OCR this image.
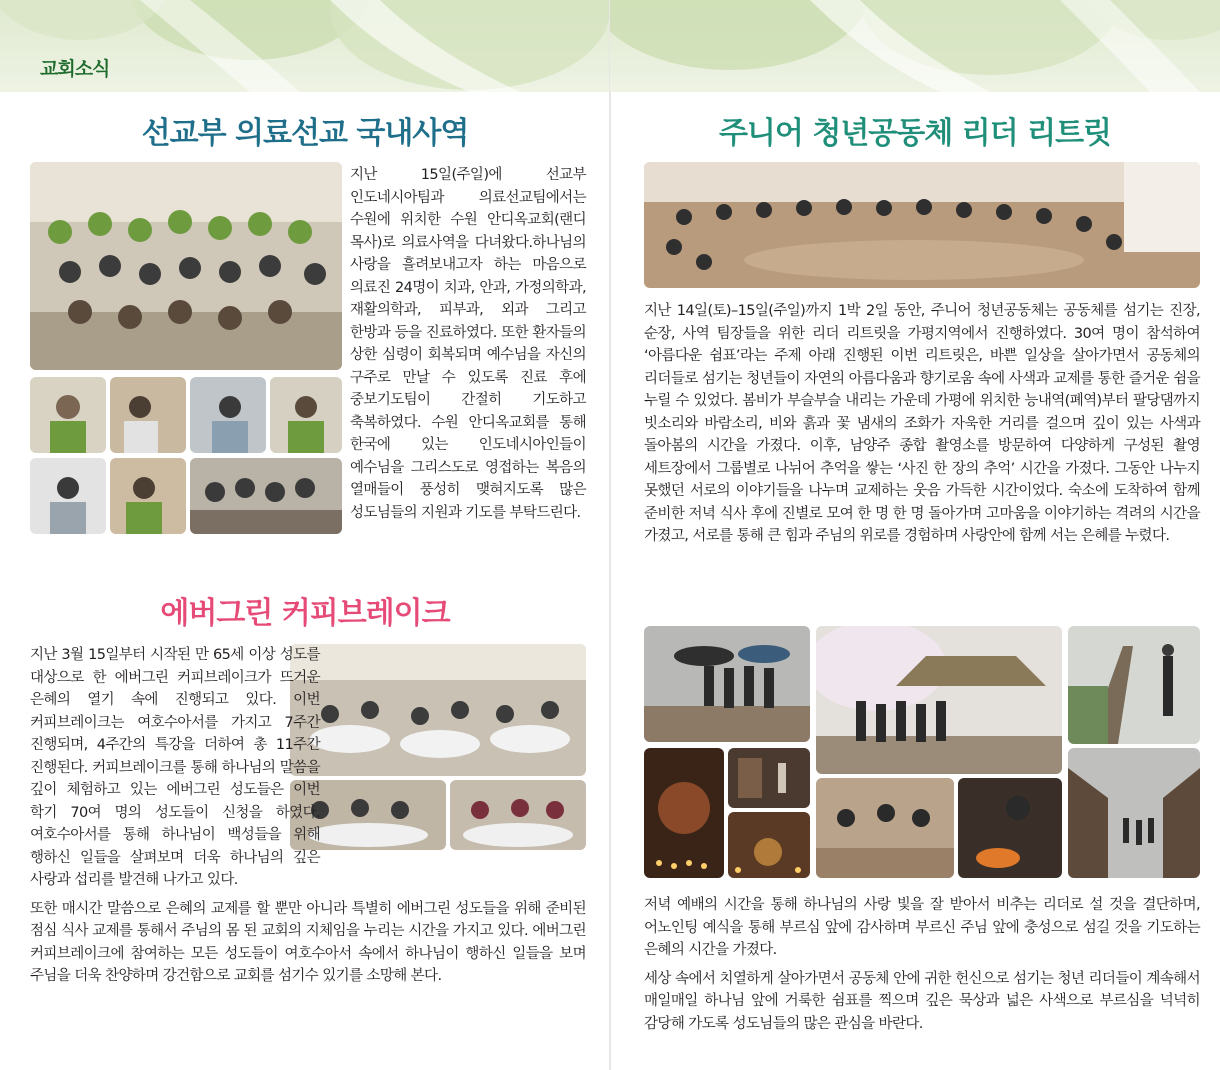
교회소식
선교부 의료선교 국내사역

지난 15일(주일)에 선교부 인도네시아팀과 의료선교팀에서는 수원에 위치한 수원 안디옥교회(랜디 목사)로 의료사역을 다녀왔다.하나님의 사랑을 흘려보내고자 하는 마음으로 의료진 24명이 치과, 안과, 가정의학과, 재활의학과, 피부과, 외과 그리고 한방과 등을 진료하였다. 또한 환자들의 상한 심령이 회복되며 예수님을 자신의 구주로 만날 수 있도록 진료 후에 중보기도팀이 간절히 기도하고 축복하였다. 수원 안디옥교회를 통해 한국에 있는 인도네시아인들이 예수님을 그리스도로 영접하는 복음의 열매들이 풍성히 맺혀지도록 많은 성도님들의 지원과 기도를 부탁드린다.

에버그린 커피브레이크

지난 3월 15일부터 시작된 만 65세 이상 성도를 대상으로 한 에버그린 커피브레이크가 뜨거운 은혜의 열기 속에 진행되고 있다. 이번 커피브레이크는 여호수아서를 가지고 7주간 진행되며, 4주간의 특강을 더하여 총 11주간 진행된다. 커피브레이크를 통해 하나님의 말씀을 깊이 체험하고 있는 에버그린 성도들은 이번 학기 70여 명의 성도들이 신청을 하였다. 여호수아서를 통해 하나님이 백성들을 위해 행하신 일들을 살펴보며 더욱 하나님의 깊은 사랑과 섭리를 발견해 나가고 있다.

또한 매시간 말씀으로 은혜의 교제를 할 뿐만 아니라 특별히 에버그린 성도들을 위해 준비된 점심 식사 교제를 통해서 주님의 몸 된 교회의 지체임을 누리는 시간을 가지고 있다. 에버그린 커피브레이크에 참여하는 모든 성도들이 여호수아서 속에서 하나님이 행하신 일들을 보며 주님을 더욱 찬양하며 강건함으로 교회를 섬기수 있기를 소망해 본다.

주니어 청년공동체 리더 리트릿

지난 14일(토)–15일(주일)까지 1박 2일 동안, 주니어 청년공동체는 공동체를 섬기는 진장, 순장, 사역 팀장들을 위한 리더 리트릿을 가평지역에서 진행하였다. 30여 명이 참석하여 ‘아름다운 쉼표’라는 주제 아래 진행된 이번 리트릿은, 바쁜 일상을 살아가면서 공동체의 리더들로 섬기는 청년들이 자연의 아름다움과 향기로움 속에 사색과 교제를 통한 즐거운 쉼을 누릴 수 있었다. 봄비가 부슬부슬 내리는 가운데 가평에 위치한 능내역(폐역)부터 팔당댐까지 빗소리와 바람소리, 비와 흙과 꽃 냄새의 조화가 자욱한 거리를 걸으며 깊이 있는 사색과 돌아봄의 시간을 가졌다. 이후, 남양주 종합 촬영소를 방문하여 다양하게 구성된 촬영 세트장에서 그룹별로 나뉘어 추억을 쌓는 ‘사진 한 장의 추억’ 시간을 가졌다. 그동안 나누지 못했던 서로의 이야기들을 나누며 교제하는 웃음 가득한 시간이었다. 숙소에 도착하여 함께 준비한 저녁 식사 후에 진별로 모여 한 명 한 명 돌아가며 고마움을 이야기하는 격려의 시간을 가졌고, 서로를 통해 큰 힘과 주님의 위로를 경험하며 사랑안에 함께 서는 은혜를 누렸다.

저녁 예배의 시간을 통해 하나님의 사랑 빛을 잘 받아서 비추는 리더로 설 것을 결단하며, 어노인팅 예식을 통해 부르심 앞에 감사하며 부르신 주님 앞에 충성으로 섬길 것을 기도하는 은혜의 시간을 가졌다.

세상 속에서 치열하게 살아가면서 공동체 안에 귀한 헌신으로 섬기는 청년 리더들이 계속해서 매일매일 하나님 앞에 거룩한 쉼표를 찍으며 깊은 묵상과 넓은 사색으로 부르심을 넉넉히 감당해 가도록 성도님들의 많은 관심을 바란다.
